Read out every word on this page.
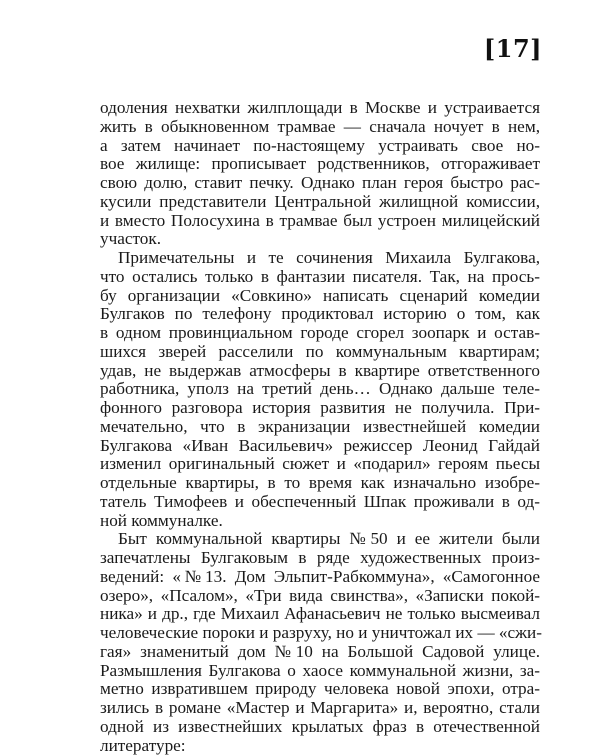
[17]
одоления нехватки жилплощади в Москве и устраивается
жить в обыкновенном трамвае — сначала ночует в нем,
а затем начинает по-настоящему устраивать свое но-
вое жилище: прописывает родственников, отгораживает
свою долю, ставит печку. Однако план героя быстро рас-
кусили представители Центральной жилищной комиссии,
и вместо Полосухина в трамвае был устроен милицейский
участок.
Примечательны и те сочинения Михаила Булгакова,
что остались только в фантазии писателя. Так, на прось-
бу организации «Совкино» написать сценарий комедии
Булгаков по телефону продиктовал историю о том, как
в одном провинциальном городе сгорел зоопарк и остав-
шихся зверей расселили по коммунальным квартирам;
удав, не выдержав атмосферы в квартире ответственного
работника, уполз на третий день… Однако дальше теле-
фонного разговора история развития не получила. При-
мечательно, что в экранизации известнейшей комедии
Булгакова «Иван Васильевич» режиссер Леонид Гайдай
изменил оригинальный сюжет и «подарил» героям пьесы
отдельные квартиры, в то время как изначально изобре-
татель Тимофеев и обеспеченный Шпак проживали в од-
ной коммуналке.
Быт коммунальной квартиры №50 и ее жители были
запечатлены Булгаковым в ряде художественных произ-
ведений: «№13. Дом Эльпит-Рабкоммуна», «Самогонное
озеро», «Псалом», «Три вида свинства», «Записки покой-
ника» и др., где Михаил Афанасьевич не только высмеивал
человеческие пороки и разруху, но и уничтожал их — «сжи-
гая» знаменитый дом №10 на Большой Садовой улице.
Размышления Булгакова о хаосе коммунальной жизни, за-
метно извратившем природу человека новой эпохи, отра-
зились в романе «Мастер и Маргарита» и, вероятно, стали
одной из известнейших крылатых фраз в отечественной
литературе:
